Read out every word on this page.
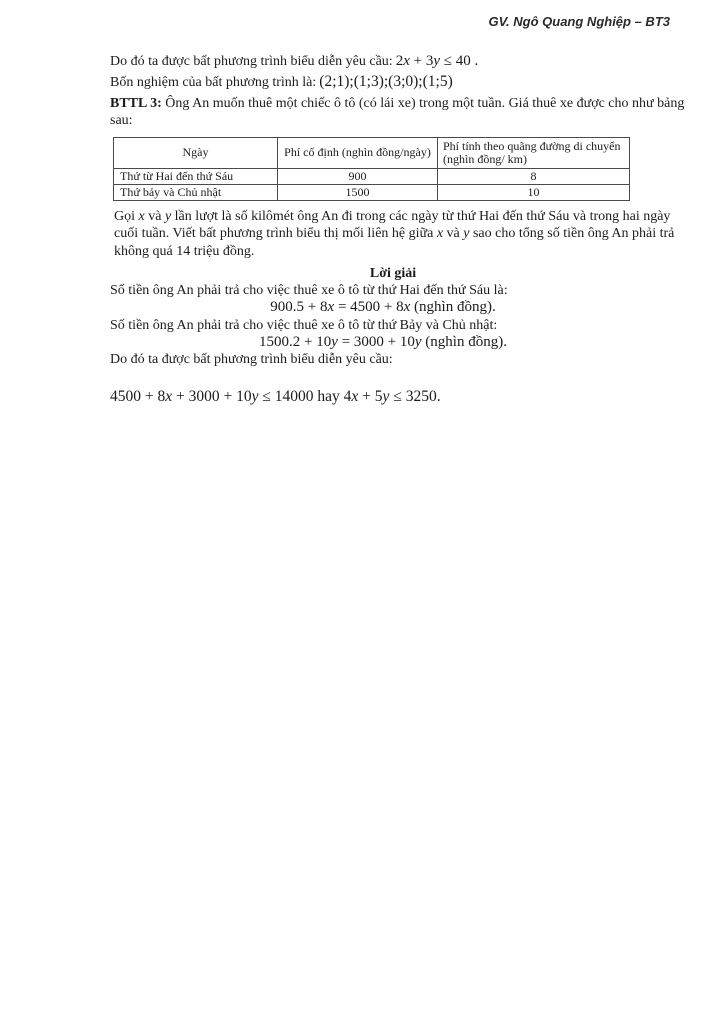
GV. Ngô Quang Nghiệp – BT3

Do đó ta được bất phương trình biểu diễn yêu cầu: 2x + 3y ≤ 40 .

Bốn nghiệm của bất phương trình là: (2;1);(1;3);(3;0);(1;5)

BTTL 3: Ông An muốn thuê một chiếc ô tô (có lái xe) trong một tuần. Giá thuê xe được cho như bảng sau:

Ngày	Phí cố định (nghìn đồng/ngày)	Phí tính theo quãng đường di chuyển (nghìn đồng/ km)
Thứ từ Hai đến thứ Sáu	900	8
Thứ bảy và Chủ nhật	1500	10

Gọi x và y lần lượt là số kilômét ông An đi trong các ngày từ thứ Hai đến thứ Sáu và trong hai ngày cuối tuần. Viết bất phương trình biểu thị mối liên hệ giữa x và y sao cho tổng số tiền ông An phải trả không quá 14 triệu đồng.

Lời giải

Số tiền ông An phải trả cho việc thuê xe ô tô từ thứ Hai đến thứ Sáu là:

900.5 + 8x = 4500 + 8x (nghìn đồng).

Số tiền ông An phải trả cho việc thuê xe ô tô từ thứ Bảy và Chủ nhật:

1500.2 + 10y = 3000 + 10y (nghìn đồng).

Do đó ta được bất phương trình biểu diễn yêu cầu:

4500 + 8x + 3000 + 10y ≤ 14000 hay 4x + 5y ≤ 3250.
